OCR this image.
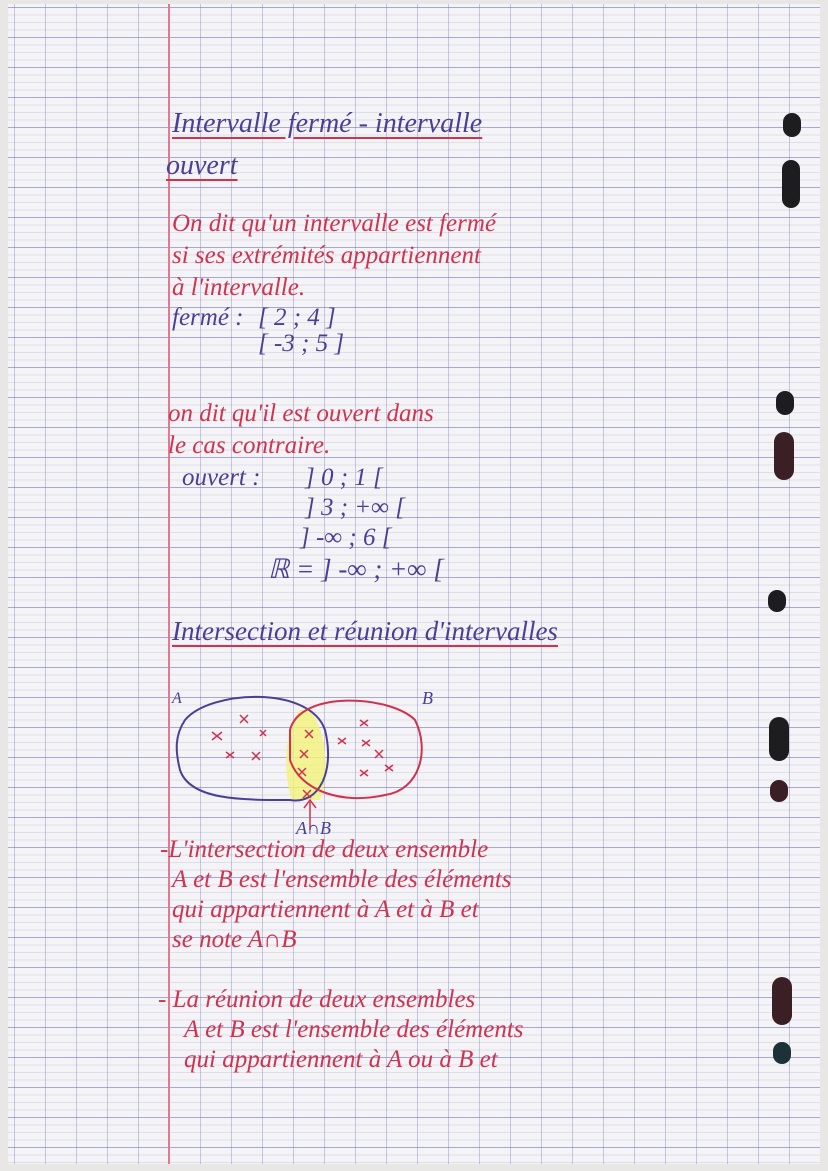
Intervalle fermé - intervalle
ouvert
On dit qu'un intervalle est fermé
si ses extrémités appartiennent
à l'intervalle.
fermé : [ 2 ; 4 ]
[ -3 ; 5 ]
on dit qu'il est ouvert dans
le cas contraire.
ouvert : ] 0 ; 1 [
] 3 ; +∞ [
] -∞ ; 6 [
ℝ = ] -∞ ; +∞ [
Intersection et réunion d'intervalles
A	B
A∩B
-L'intersection de deux ensemble
A et B est l'ensemble des éléments
qui appartiennent à A et à B et
se note A∩B
- La réunion de deux ensembles
A et B est l'ensemble des éléments
qui appartiennent à A ou à B et
